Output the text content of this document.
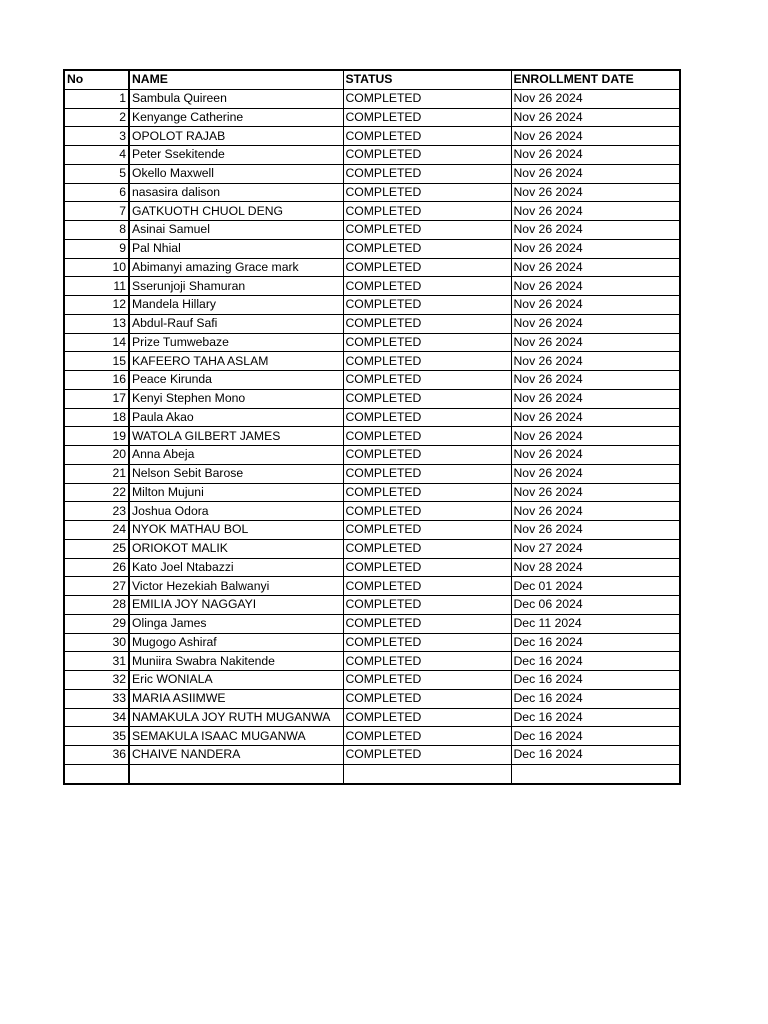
No	NAME	STATUS	ENROLLMENT DATE
1	Sambula Quireen	COMPLETED	Nov 26 2024
2	Kenyange Catherine	COMPLETED	Nov 26 2024
3	OPOLOT RAJAB	COMPLETED	Nov 26 2024
4	Peter Ssekitende	COMPLETED	Nov 26 2024
5	Okello Maxwell	COMPLETED	Nov 26 2024
6	nasasira dalison	COMPLETED	Nov 26 2024
7	GATKUOTH CHUOL DENG	COMPLETED	Nov 26 2024
8	Asinai Samuel	COMPLETED	Nov 26 2024
9	Pal Nhial	COMPLETED	Nov 26 2024
10	Abimanyi amazing Grace mark	COMPLETED	Nov 26 2024
11	Sserunjoji Shamuran	COMPLETED	Nov 26 2024
12	Mandela Hillary	COMPLETED	Nov 26 2024
13	Abdul-Rauf Safi	COMPLETED	Nov 26 2024
14	Prize Tumwebaze	COMPLETED	Nov 26 2024
15	KAFEERO TAHA ASLAM	COMPLETED	Nov 26 2024
16	Peace Kirunda	COMPLETED	Nov 26 2024
17	Kenyi Stephen Mono	COMPLETED	Nov 26 2024
18	Paula Akao	COMPLETED	Nov 26 2024
19	WATOLA GILBERT JAMES	COMPLETED	Nov 26 2024
20	Anna Abeja	COMPLETED	Nov 26 2024
21	Nelson Sebit Barose	COMPLETED	Nov 26 2024
22	Milton Mujuni	COMPLETED	Nov 26 2024
23	Joshua Odora	COMPLETED	Nov 26 2024
24	NYOK MATHAU BOL	COMPLETED	Nov 26 2024
25	ORIOKOT MALIK	COMPLETED	Nov 27 2024
26	Kato Joel Ntabazzi	COMPLETED	Nov 28 2024
27	Victor Hezekiah Balwanyi	COMPLETED	Dec 01 2024
28	EMILIA JOY NAGGAYI	COMPLETED	Dec 06 2024
29	Olinga James	COMPLETED	Dec 11 2024
30	Mugogo Ashiraf	COMPLETED	Dec 16 2024
31	Muniira Swabra Nakitende	COMPLETED	Dec 16 2024
32	Eric WONIALA	COMPLETED	Dec 16 2024
33	MARIA ASIIMWE	COMPLETED	Dec 16 2024
34	NAMAKULA JOY RUTH MUGANWA	COMPLETED	Dec 16 2024
35	SEMAKULA ISAAC MUGANWA	COMPLETED	Dec 16 2024
36	CHAIVE NANDERA	COMPLETED	Dec 16 2024
